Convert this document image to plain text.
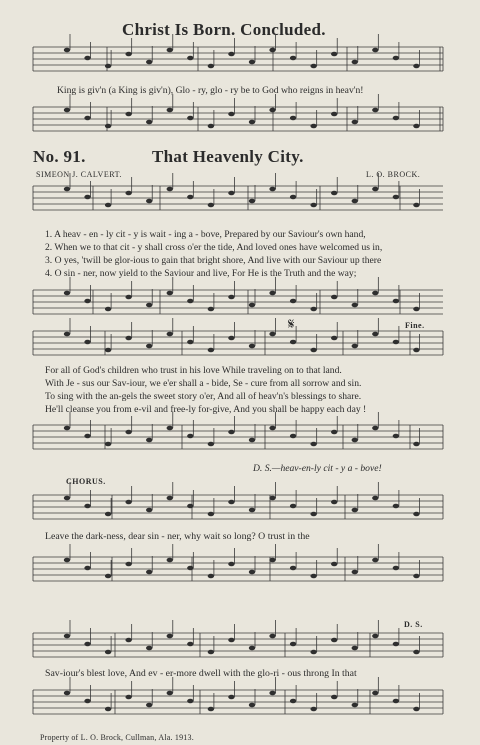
Christ Is Born. Concluded.
King is giv'n (a King is giv'n), Glo - ry, glo - ry be to God who reigns in heav'n!
No. 91.	That Heavenly City.
SIMEON J. CALVERT.	L. O. BROCK.
1. A heav - en - ly cit - y is wait - ing a - bove, Prepared by our Saviour's own hand,
2. When we to that cit - y shall cross o'er the tide, And loved ones have welcomed us in,
3. O yes, 'twill be glor-ious to gain that bright shore, And live with our Saviour up there
4. O sin - ner, now yield to the Saviour and live, For He is the Truth and the way;
𝄋	Fine.
For all of God's children who trust in his love While traveling on to that land.
With Je - sus our Sav-iour, we e'er shall a - bide, Se - cure from all sorrow and sin.
To sing with the an-gels the sweet story o'er, And all of heav'n's blessings to share.
He'll cleanse you from e-vil and free-ly for-give, And you shall be happy each day !
D. S.—heav-en-ly cit - y a - bove!
CHORUS.
Leave the dark-ness, dear sin - ner, why wait so long? O trust in the
D. S.
Sav-iour's blest love, And ev - er-more dwell with the glo-ri - ous throng In that
Property of L. O. Brock, Cullman, Ala. 1913.
